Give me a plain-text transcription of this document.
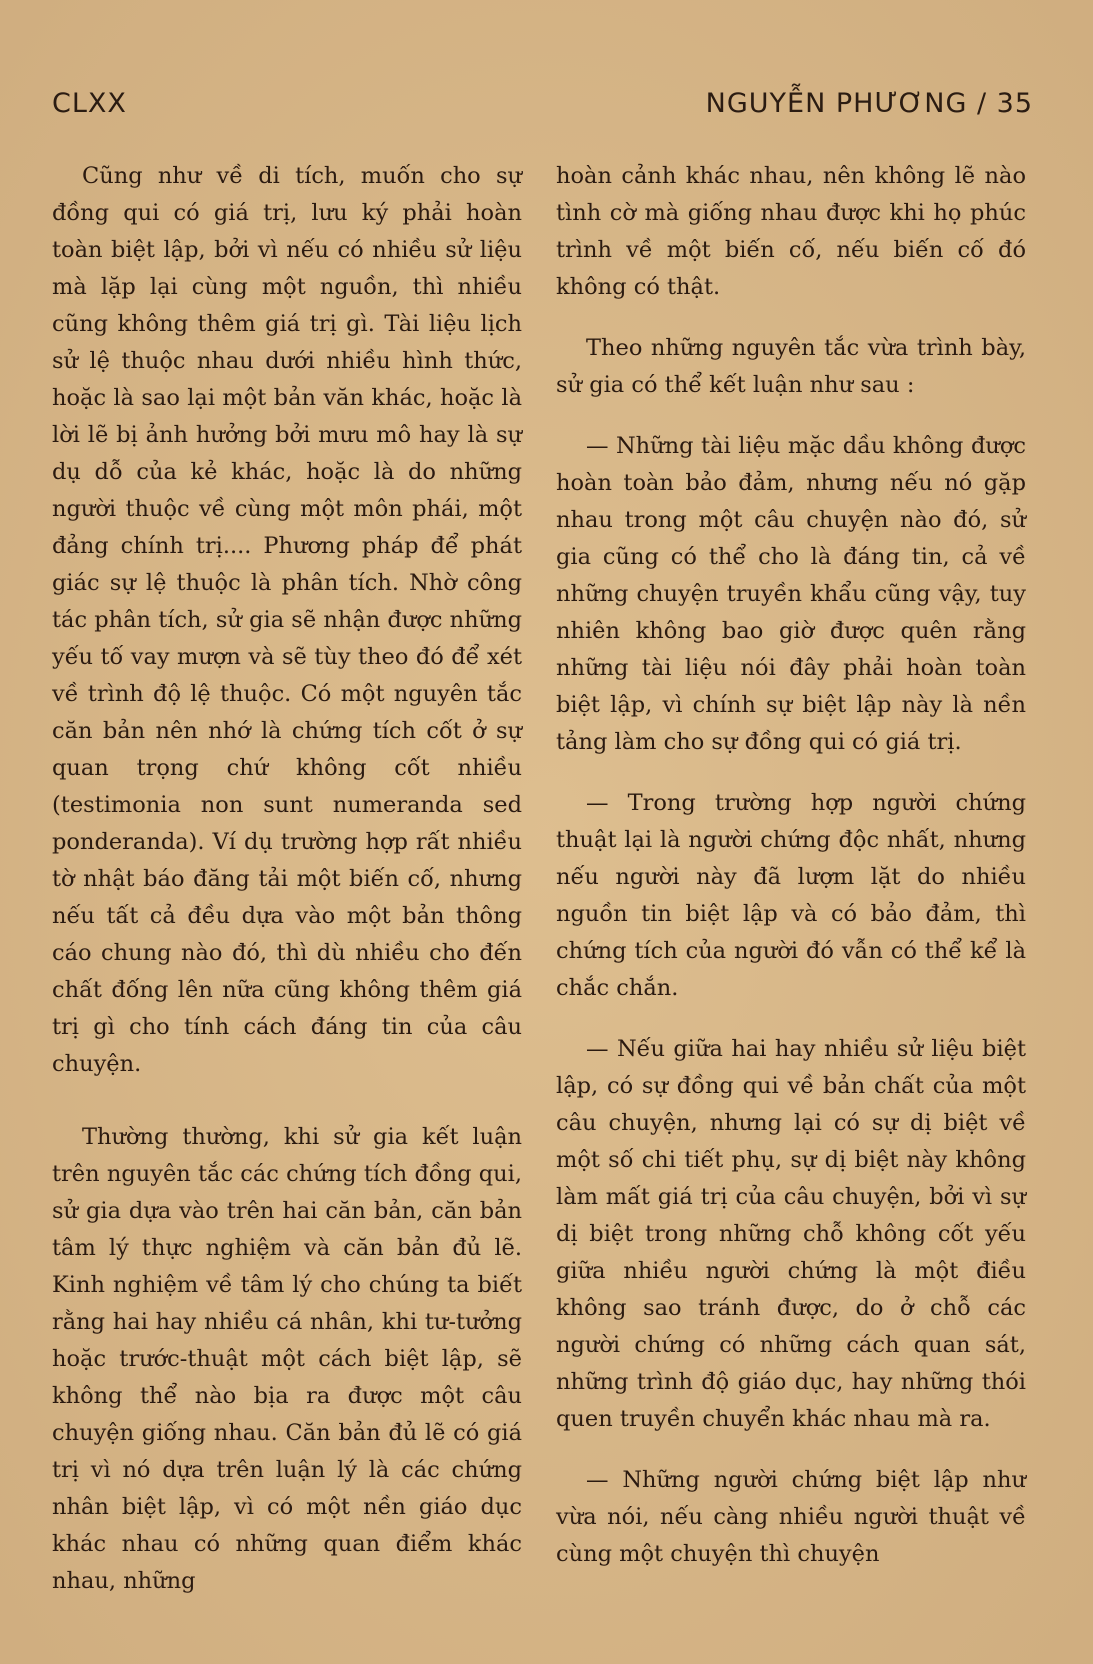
CLXX	NGUYỄN PHƯƠNG / 35

Cũng như về di tích, muốn cho sự đồng qui có giá trị, lưu ký phải hoàn toàn biệt lập, bởi vì nếu có nhiều sử liệu mà lặp lại cùng một nguồn, thì nhiều cũng không thêm giá trị gì. Tài liệu lịch sử lệ thuộc nhau dưới nhiều hình thức, hoặc là sao lại một bản văn khác, hoặc là lời lẽ bị ảnh hưởng bởi mưu mô hay là sự dụ dỗ của kẻ khác, hoặc là do những người thuộc về cùng một môn phái, một đảng chính trị.... Phương pháp để phát giác sự lệ thuộc là phân tích. Nhờ công tác phân tích, sử gia sẽ nhận được những yếu tố vay mượn và sẽ tùy theo đó để xét về trình độ lệ thuộc. Có một nguyên tắc căn bản nên nhớ là chứng tích cốt ở sự quan trọng chứ không cốt nhiều (testimonia non sunt numeranda sed ponderanda). Ví dụ trường hợp rất nhiều tờ nhật báo đăng tải một biến cố, nhưng nếu tất cả đều dựa vào một bản thông cáo chung nào đó, thì dù nhiều cho đến chất đống lên nữa cũng không thêm giá trị gì cho tính cách đáng tin của câu chuyện.

Thường thường, khi sử gia kết luận trên nguyên tắc các chứng tích đồng qui, sử gia dựa vào trên hai căn bản, căn bản tâm lý thực nghiệm và căn bản đủ lẽ. Kinh nghiệm về tâm lý cho chúng ta biết rằng hai hay nhiều cá nhân, khi tư-tưởng hoặc trước-thuật một cách biệt lập, sẽ không thể nào bịa ra được một câu chuyện giống nhau. Căn bản đủ lẽ có giá trị vì nó dựa trên luận lý là các chứng nhân biệt lập, vì có một nền giáo dục khác nhau có những quan điểm khác nhau, những

hoàn cảnh khác nhau, nên không lẽ nào tình cờ mà giống nhau được khi họ phúc trình về một biến cố, nếu biến cố đó không có thật.

Theo những nguyên tắc vừa trình bày, sử gia có thể kết luận như sau :

— Những tài liệu mặc dầu không được hoàn toàn bảo đảm, nhưng nếu nó gặp nhau trong một câu chuyện nào đó, sử gia cũng có thể cho là đáng tin, cả về những chuyện truyền khẩu cũng vậy, tuy nhiên không bao giờ được quên rằng những tài liệu nói đây phải hoàn toàn biệt lập, vì chính sự biệt lập này là nền tảng làm cho sự đồng qui có giá trị.

— Trong trường hợp người chứng thuật lại là người chứng độc nhất, nhưng nếu người này đã lượm lặt do nhiều nguồn tin biệt lập và có bảo đảm, thì chứng tích của người đó vẫn có thể kể là chắc chắn.

— Nếu giữa hai hay nhiều sử liệu biệt lập, có sự đồng qui về bản chất của một câu chuyện, nhưng lại có sự dị biệt về một số chi tiết phụ, sự dị biệt này không làm mất giá trị của câu chuyện, bởi vì sự dị biệt trong những chỗ không cốt yếu giữa nhiều người chứng là một điều không sao tránh được, do ở chỗ các người chứng có những cách quan sát, những trình độ giáo dục, hay những thói quen truyền chuyển khác nhau mà ra.

— Những người chứng biệt lập như vừa nói, nếu càng nhiều người thuật về cùng một chuyện thì chuyện
